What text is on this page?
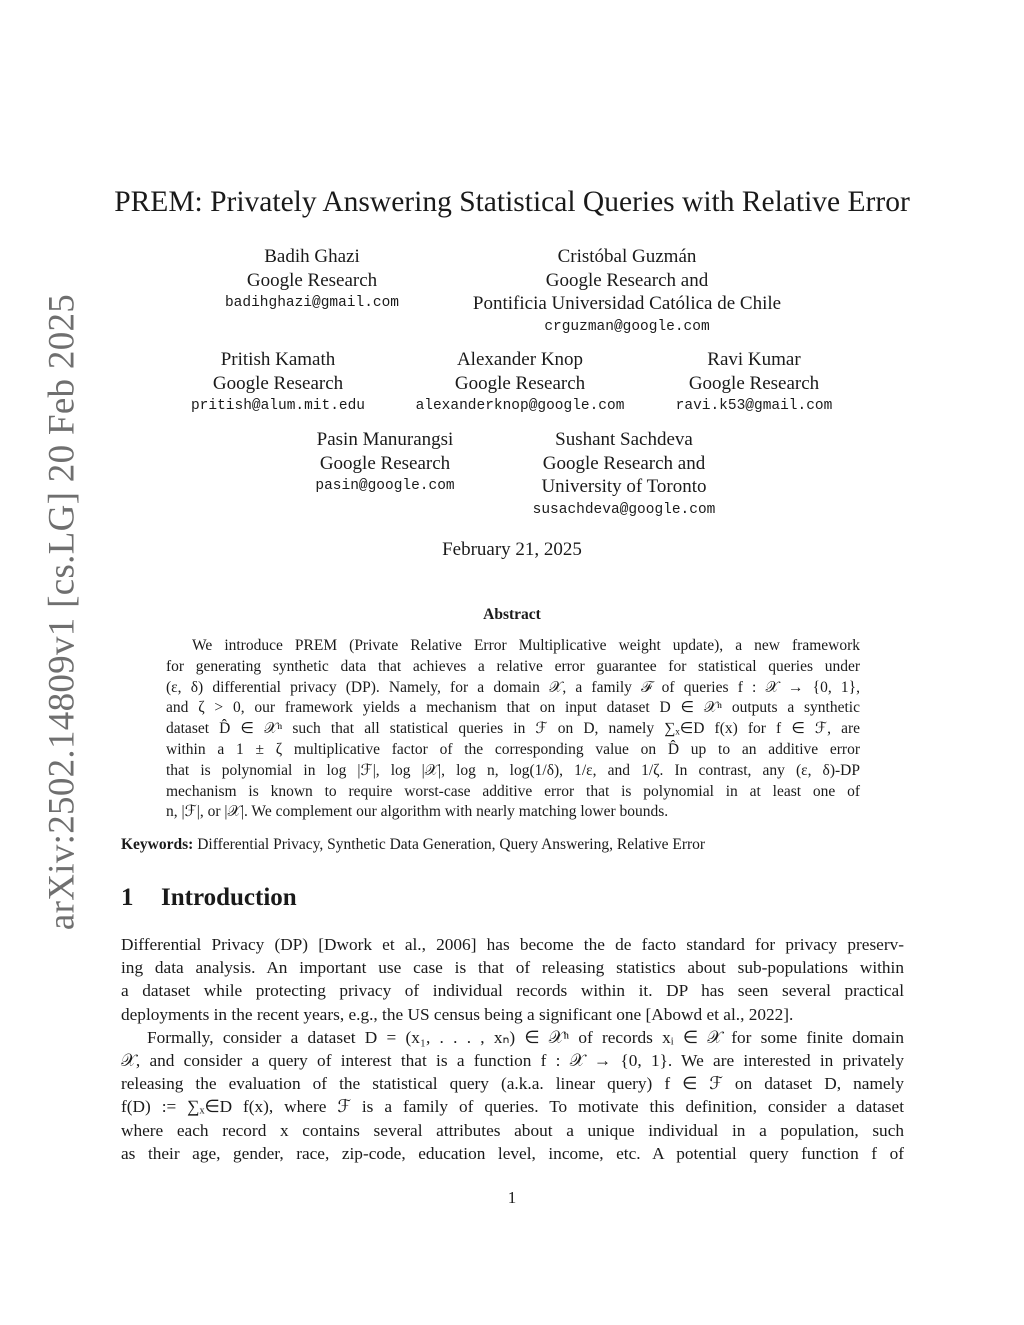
arXiv:2502.14809v1 [cs.LG] 20 Feb 2025
PREM: Privately Answering Statistical Queries with Relative Error
Badih Ghazi
Google Research
badihghazi@gmail.com
Cristóbal Guzmán
Google Research and
Pontificia Universidad Católica de Chile
crguzman@google.com
Pritish Kamath
Google Research
pritish@alum.mit.edu
Alexander Knop
Google Research
alexanderknop@google.com
Ravi Kumar
Google Research
ravi.k53@gmail.com
Pasin Manurangsi
Google Research
pasin@google.com
Sushant Sachdeva
Google Research and
University of Toronto
susachdeva@google.com
February 21, 2025
Abstract
We introduce PREM (Private Relative Error Multiplicative weight update), a new framework
for generating synthetic data that achieves a relative error guarantee for statistical queries under
(ε, δ) differential privacy (DP). Namely, for a domain 𝒳, a family ℱ of queries f : 𝒳 → {0, 1},
and ζ > 0, our framework yields a mechanism that on input dataset D ∈ 𝒳ⁿ outputs a synthetic
dataset D̂ ∈ 𝒳ⁿ such that all statistical queries in ℱ on D, namely ∑ₓ∈D f(x) for f ∈ ℱ, are
within a 1 ± ζ multiplicative factor of the corresponding value on D̂ up to an additive error
that is polynomial in log |ℱ|, log |𝒳|, log n, log(1/δ), 1/ε, and 1/ζ. In contrast, any (ε, δ)-DP
mechanism is known to require worst-case additive error that is polynomial in at least one of
n, |ℱ|, or |𝒳|. We complement our algorithm with nearly matching lower bounds.
Keywords: Differential Privacy, Synthetic Data Generation, Query Answering, Relative Error
1 Introduction
Differential Privacy (DP) [Dwork et al., 2006] has become the de facto standard for privacy preserv-
ing data analysis. An important use case is that of releasing statistics about sub-populations within
a dataset while protecting privacy of individual records within it. DP has seen several practical
deployments in the recent years, e.g., the US census being a significant one [Abowd et al., 2022].
Formally, consider a dataset D = (x₁, . . . , xₙ) ∈ 𝒳ⁿ of records xᵢ ∈ 𝒳 for some finite domain
𝒳, and consider a query of interest that is a function f : 𝒳 → {0, 1}. We are interested in privately
releasing the evaluation of the statistical query (a.k.a. linear query) f ∈ ℱ on dataset D, namely
f(D) := ∑ₓ∈D f(x), where ℱ is a family of queries. To motivate this definition, consider a dataset
where each record x contains several attributes about a unique individual in a population, such
as their age, gender, race, zip-code, education level, income, etc. A potential query function f of
1
